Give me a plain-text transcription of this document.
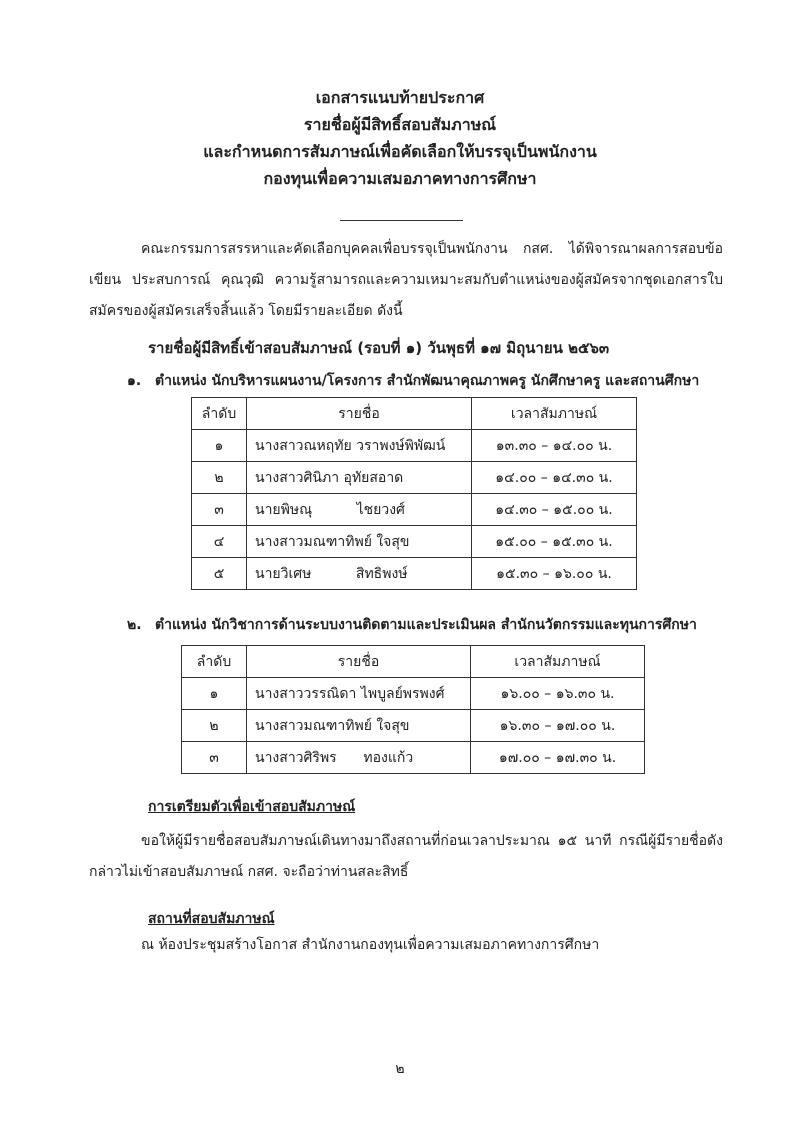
เอกสารแนบท้ายประกาศ

รายชื่อผู้มีสิทธิ์สอบสัมภาษณ์

และกำหนดการสัมภาษณ์เพื่อคัดเลือกให้บรรจุเป็นพนักงาน

กองทุนเพื่อความเสมอภาคทางการศึกษา

คณะกรรมการสรรหาและคัดเลือกบุคคลเพื่อบรรจุเป็นพนักงาน กสศ. ได้พิจารณาผลการสอบข้อเขียน ประสบการณ์ คุณวุฒิ ความรู้สามารถและความเหมาะสมกับตำแหน่งของผู้สมัครจากชุดเอกสารใบสมัครของผู้สมัครเสร็จสิ้นแล้ว โดยมีรายละเอียด ดังนี้

รายชื่อผู้มีสิทธิ์เข้าสอบสัมภาษณ์ (รอบที่ ๑) วันพุธที่ ๑๗ มิถุนายน ๒๕๖๓
๑. ตำแหน่ง นักบริหารแผนงาน/โครงการ สำนักพัฒนาคุณภาพครู นักศึกษาครู และสถานศึกษา
ลำดับ	รายชื่อ	เวลาสัมภาษณ์
๑	นางสาวณหฤทัย วราพงษ์พิพัฒน์	๑๓.๓๐ – ๑๔.๐๐ น.
๒	นางสาวศินิภา อุทัยสอาด	๑๔.๐๐ – ๑๔.๓๐ น.
๓	นายพิษณุ          ไชยวงศ์	๑๔.๓๐ – ๑๕.๐๐ น.
๔	นางสาวมณฑาทิพย์ ใจสุข	๑๕.๐๐ – ๑๕.๓๐ น.
๕	นายวิเศษ          สิทธิพงษ์	๑๕.๓๐ – ๑๖.๐๐ น.
๒. ตำแหน่ง นักวิชาการด้านระบบงานติดตามและประเมินผล สำนักนวัตกรรมและทุนการศึกษา
ลำดับ	รายชื่อ	เวลาสัมภาษณ์
๑	นางสาววรรณิดา ไพบูลย์พรพงศ์	๑๖.๐๐ – ๑๖.๓๐ น.
๒	นางสาวมณฑาทิพย์ ใจสุข	๑๖.๓๐ – ๑๗.๐๐ น.
๓	นางสาวศิริพร      ทองแก้ว	๑๗.๐๐ – ๑๗.๓๐ น.
การเตรียมตัวเพื่อเข้าสอบสัมภาษณ์

ขอให้ผู้มีรายชื่อสอบสัมภาษณ์เดินทางมาถึงสถานที่ก่อนเวลาประมาณ ๑๕ นาที กรณีผู้มีรายชื่อดังกล่าวไม่เข้าสอบสัมภาษณ์ กสศ. จะถือว่าท่านสละสิทธิ์

สถานที่สอบสัมภาษณ์

ณ ห้องประชุมสร้างโอกาส สำนักงานกองทุนเพื่อความเสมอภาคทางการศึกษา

๒
